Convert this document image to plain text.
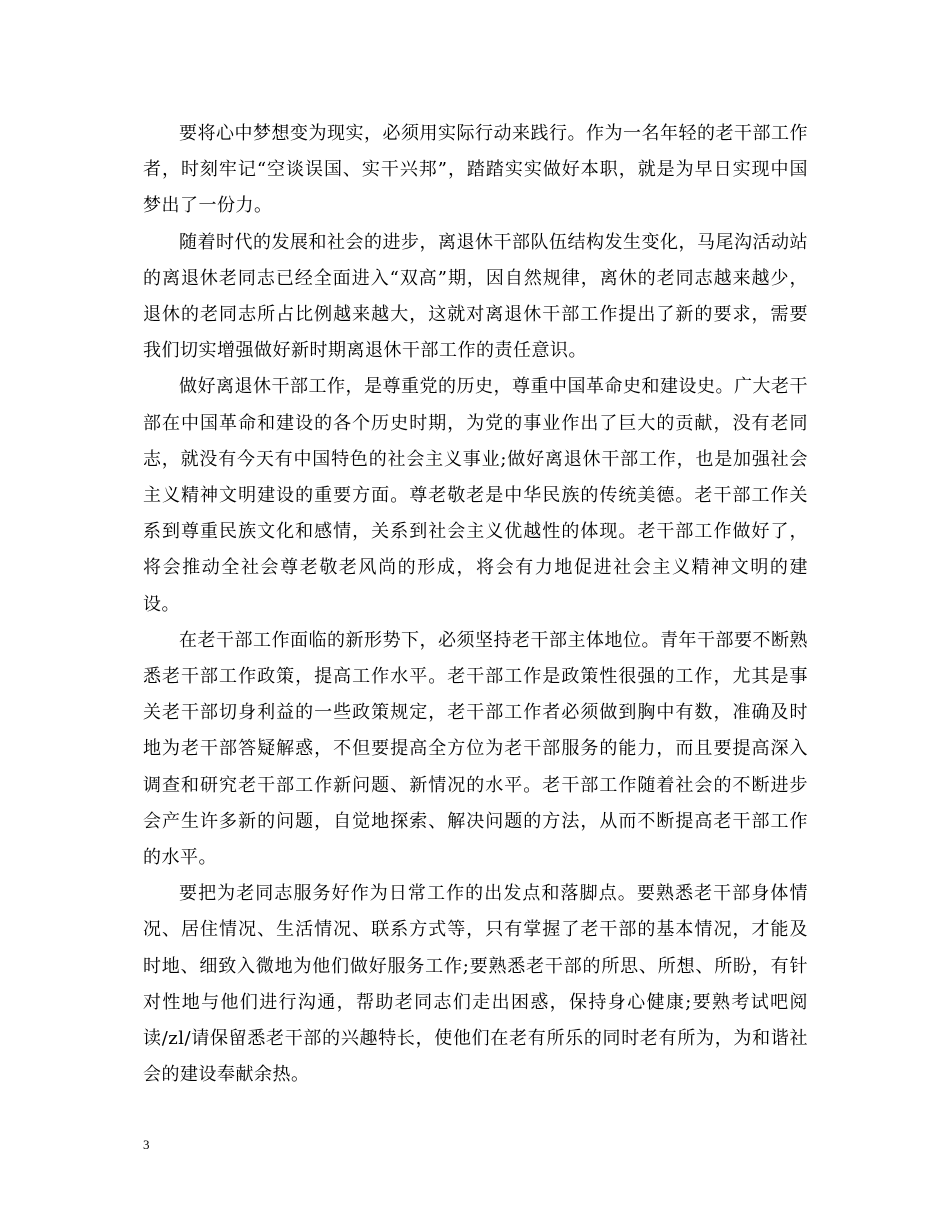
要将心中梦想变为现实，必须用实际行动来践行。作为一名年轻的老干部工作者，时刻牢记“空谈误国、实干兴邦”，踏踏实实做好本职，就是为早日实现中国梦出了一份力。

随着时代的发展和社会的进步，离退休干部队伍结构发生变化，马尾沟活动站的离退休老同志已经全面进入“双高”期，因自然规律，离休的老同志越来越少，退休的老同志所占比例越来越大，这就对离退休干部工作提出了新的要求，需要我们切实增强做好新时期离退休干部工作的责任意识。

做好离退休干部工作，是尊重党的历史，尊重中国革命史和建设史。广大老干部在中国革命和建设的各个历史时期，为党的事业作出了巨大的贡献，没有老同志，就没有今天有中国特色的社会主义事业;做好离退休干部工作，也是加强社会主义精神文明建设的重要方面。尊老敬老是中华民族的传统美德。老干部工作关系到尊重民族文化和感情，关系到社会主义优越性的体现。老干部工作做好了，将会推动全社会尊老敬老风尚的形成，将会有力地促进社会主义精神文明的建设。

在老干部工作面临的新形势下，必须坚持老干部主体地位。青年干部要不断熟悉老干部工作政策，提高工作水平。老干部工作是政策性很强的工作，尤其是事关老干部切身利益的一些政策规定，老干部工作者必须做到胸中有数，准确及时地为老干部答疑解惑，不但要提高全方位为老干部服务的能力，而且要提高深入调查和研究老干部工作新问题、新情况的水平。老干部工作随着社会的不断进步会产生许多新的问题，自觉地探索、解决问题的方法，从而不断提高老干部工作的水平。

要把为老同志服务好作为日常工作的出发点和落脚点。要熟悉老干部身体情况、居住情况、生活情况、联系方式等，只有掌握了老干部的基本情况，才能及时地、细致入微地为他们做好服务工作;要熟悉老干部的所思、所想、所盼，有针对性地与他们进行沟通，帮助老同志们走出困惑，保持身心健康;要熟考试吧阅读/zl/请保留悉老干部的兴趣特长，使他们在老有所乐的同时老有所为，为和谐社会的建设奉献余热。

3
